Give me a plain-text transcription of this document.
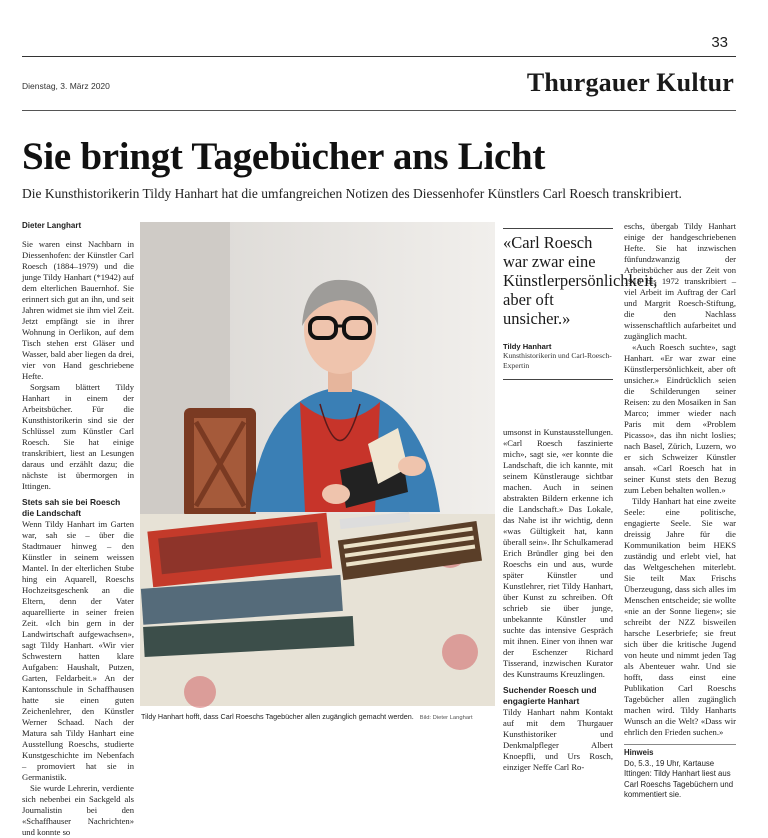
33
Dienstag, 3. März 2020	Thurgauer Kultur
Sie bringt Tagebücher ans Licht
Die Kunsthistorikerin Tildy Hanhart hat die umfangreichen Notizen des Diessenhofer Künstlers Carl Roesch transkribiert.
Dieter Langhart

Sie waren einst Nachbarn in Diessenhofen: der Künstler Carl Roesch (1884–1979) und die junge Tildy Hanhart (*1942) auf dem elterlichen Bauernhof. Sie erinnert sich gut an ihn, und seit Jahren widmet sie ihm viel Zeit. Jetzt empfängt sie in ihrer Wohnung in Oerlikon, auf dem Tisch stehen erst Gläser und Wasser, bald aber liegen da drei, vier von Hand geschriebene Hefte.

Sorgsam blättert Tildy Hanhart in einem der Arbeitsbücher. Für die Kunsthistorikerin sind sie der Schlüssel zum Künstler Carl Roesch. Sie hat einige transkribiert, liest an Lesungen daraus und erzählt dazu; die nächste ist übermorgen in Ittingen.

Stets sah sie bei Roesch die Landschaft

Wenn Tildy Hanhart im Garten war, sah sie – über die Stadtmauer hinweg – den Künstler in seinem weissen Mantel. In der elterlichen Stube hing ein Aquarell, Roeschs Hochzeitsgeschenk an die Eltern, denn der Vater aquarellierte in seiner freien Zeit. «Ich bin gern in der Landwirtschaft aufgewachsen», sagt Tildy Hanhart. «Wir vier Schwestern hatten klare Aufgaben: Haushalt, Putzen, Garten, Feldarbeit.» An der Kantonsschule in Schaffhausen hatte sie einen guten Zeichenlehrer, den Künstler Werner Schaad. Nach der Matura sah Tildy Hanhart eine Ausstellung Roeschs, studierte Kunstgeschichte im Nebenfach – promoviert hat sie in Germanistik.

Sie wurde Lehrerin, verdiente sich nebenbei ein Sackgeld als Journalistin bei den «Schaffhauser Nachrichten» und konnte so

Tildy Hanhart hofft, dass Carl Roeschs Tagebücher allen zugänglich gemacht werden. Bild: Dieter Langhart
«Carl Roesch war zwar eine Künstlerpersönlichkeit, aber oft unsicher.»
Tildy Hanhart
Kunsthistorikerin und Carl-Roesch-Expertin

umsonst in Kunstausstellungen. «Carl Roesch faszinierte mich», sagt sie, «er konnte die Landschaft, die ich kannte, mit seinem Künstlerauge sichtbar machen. Auch in seinen abstrakten Bildern erkenne ich die Landschaft.» Das Lokale, das Nahe ist ihr wichtig, denn «was Gültigkeit hat, kann überall sein». Ihr Schulkamerad Erich Bründler ging bei den Roeschs ein und aus, wurde später Künstler und Kunstlehrer, riet Tildy Hanhart, über Kunst zu schreiben. Oft schrieb sie über junge, unbekannte Künstler und suchte das intensive Gespräch mit ihnen. Einer von ihnen war der Eschenzer Richard Tisserand, inzwischen Kurator des Kunstraums Kreuzlingen.

Suchender Roesch und engagierte Hanhart

Tildy Hanhart nahm Kontakt auf mit dem Thurgauer Kunsthistoriker und Denkmalpfleger Albert Knoepfli, und Urs Rosch, einziger Neffe Carl Ro-

eschs, übergab Tildy Hanhart einige der handgeschriebenen Hefte. Sie hat inzwischen fünfundzwanzig der Arbeitsbücher aus der Zeit von 1918 bis 1972 transkribiert – viel Arbeit im Auftrag der Carl und Margrit Roesch-Stiftung, die den Nachlass wissenschaftlich aufarbeitet und zugänglich macht.

«Auch Roesch suchte», sagt Hanhart. «Er war zwar eine Künstlerpersönlichkeit, aber oft unsicher.» Eindrücklich seien die Schilderungen seiner Reisen: zu den Mosaiken in San Marco; immer wieder nach Paris mit dem «Problem Picasso», das ihn nicht loslies; nach Basel, Zürich, Luzern, wo er sich Schweizer Künstler ansah. «Carl Roesch hat in seiner Kunst stets den Bezug zum Leben behalten wollen.»

Tildy Hanhart hat eine zweite Seele: eine politische, engagierte Seele. Sie war dreissig Jahre für die Kommunikation beim HEKS zuständig und erlebt viel, hat das Weltgeschehen miterlebt. Sie teilt Max Frischs Überzeugung, dass sich alles im Menschen entscheide; sie wollte «nie an der Sonne liegen»; sie schreibt der NZZ bisweilen harsche Leserbriefe; sie freut sich über die kritische Jugend von heute und nimmt jeden Tag als Abenteuer wahr. Und sie hofft, dass einst eine Publikation Carl Roeschs Tagebücher allen zugänglich machen wird. Tildy Hanharts Wunsch an die Welt? «Dass wir ehrlich den Frieden suchen.»

Hinweis
Do, 5.3., 19 Uhr, Kartause Ittingen: Tildy Hanhart liest aus Carl Roeschs Tagebüchern und kommentiert sie.
